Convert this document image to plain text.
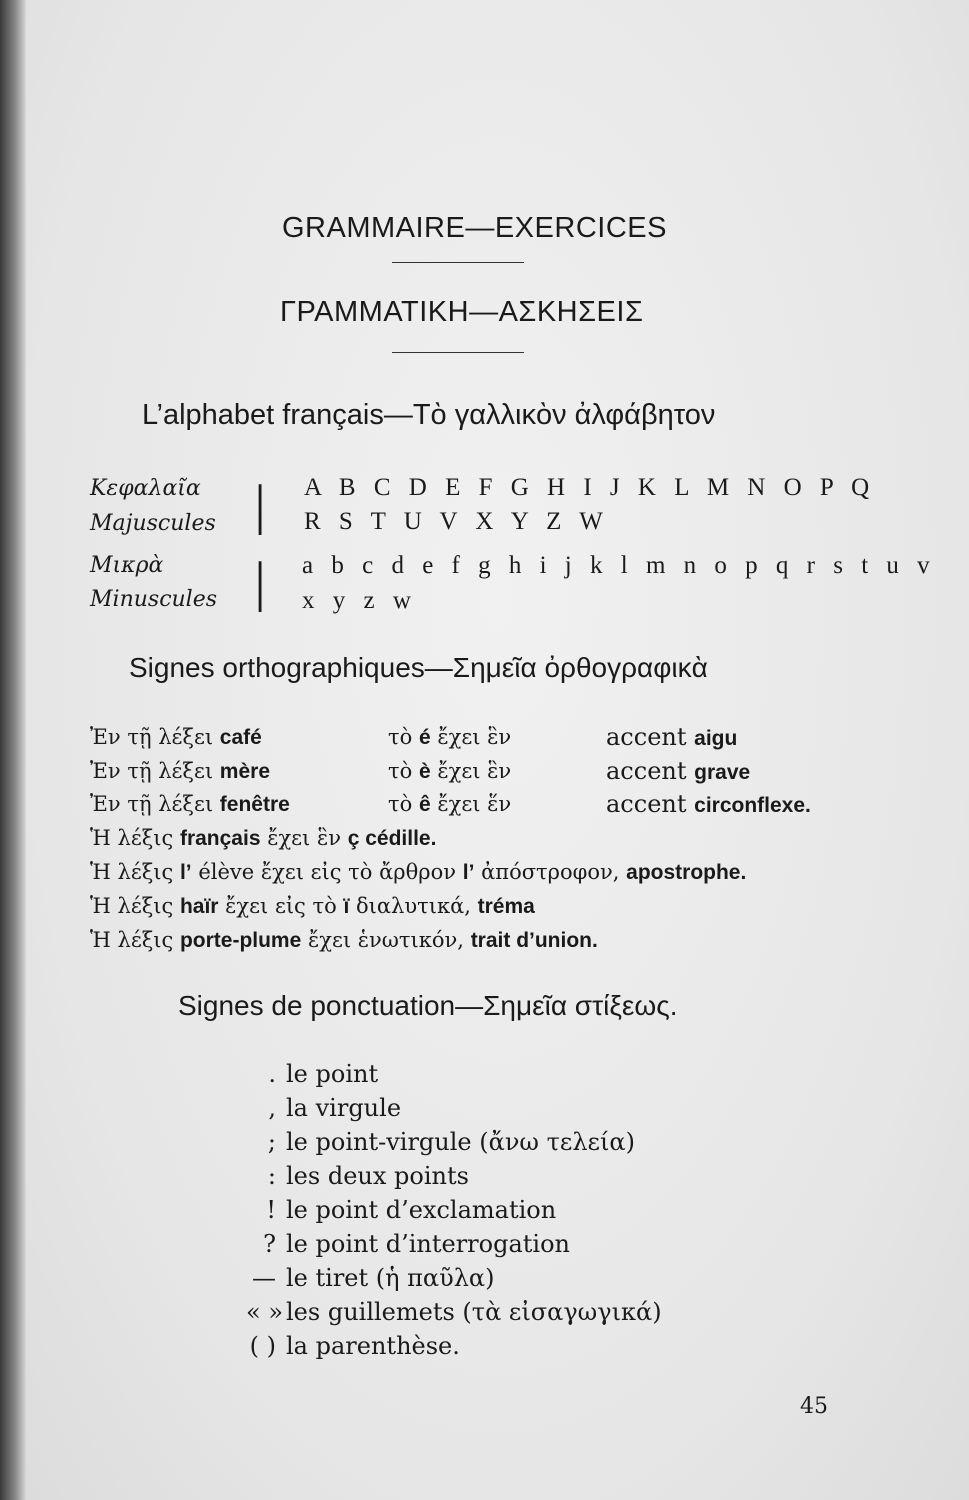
GRAMMAIRE—EXERCICES
ΓΡΑΜΜΑΤΙΚΗ—ΑΣΚΗΣΕΙΣ
L’alphabet français—Τὸ γαλλικὸν ἀλφάβητον
Κεφαλαῖα
Majuscules | A B C D E F G H I J K L M N O P Q
R S T U V X Y Z W
Μικρὰ
Minuscules | a b c d e f g h i j k l m n o p q r s t u v
x y z w
Signes orthographiques—Σημεῖα ὀρθογραφικὰ
Ἐν τῇ λέξει café	τὸ é ἔχει ἓν	accent aigu
Ἐν τῇ λέξει mère	τὸ è ἔχει ἓν	accent grave
Ἐν τῇ λέξει fenêtre	τὸ ê ἔχει ἕν	accent circonflexe.
Ἡ λέξις français ἔχει ἓν ç cédille.
Ἡ λέξις l’ élève ἔχει εἰς τὸ ἄρθρον l’ ἀπόστροφον, apostrophe.
Ἡ λέξις haïr ἔχει εἰς τὸ ï διαλυτικά, tréma
Ἡ λέξις porte-plume ἔχει ἑνωτικόν, trait d’union.
Signes de ponctuation—Σημεῖα στίξεως.
. le point
, la virgule
; le point-virgule (ἄνω τελεία)
: les deux points
! le point d’exclamation
? le point d’interrogation
— le tiret (ἡ παῦλα)
« » les guillemets (τὰ εἰσαγωγικά)
( ) la parenthèse.
45
